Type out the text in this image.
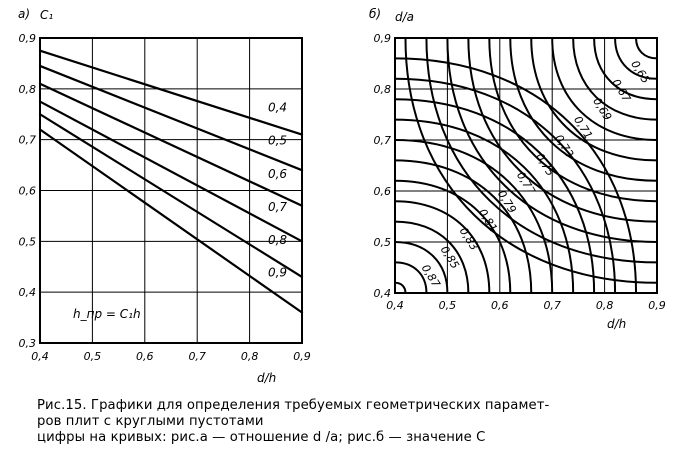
0,4	0,5	0,6	0,7	0,8	0,9
0,3
0,4
0,5
0,6
0,7
0,8
0,9
0,4
0,5
0,6
0,7
0,8
0,9
а) C₁
d/h
h_пр = C₁h
0,65
0,67
0,69
0,71
0,73
0,75
0,77
0,79
0,81
0,83
0,85
0,87
0,4	0,5	0,6	0,7	0,8	0,9
0,4
0,5
0,6
0,7
0,8
0,9
б) d/a
d/h
Рис.15. Графики для определения требуемых геометрических парамет-
ров плит с круглыми пустотами
цифры на кривых: рис.а — отношение d /a; рис.б — значение C
